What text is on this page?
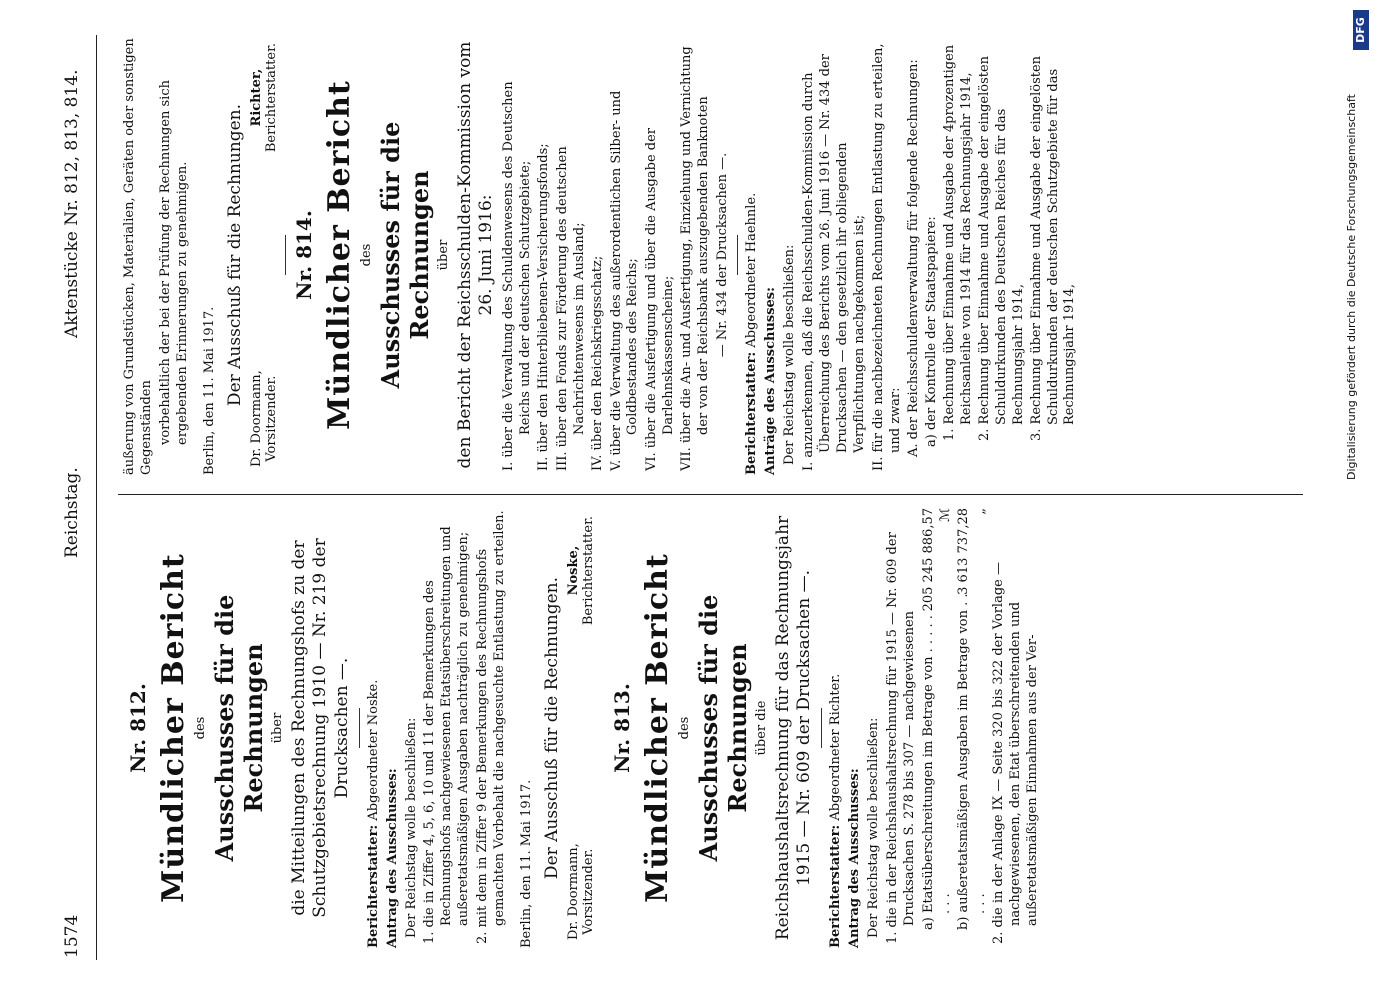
1574
Reichstag.
Aktenstücke Nr. 812, 813, 814.
Nr. 812. Mündlicher Bericht des Ausschusses für die Rechnungen über die Mitteilungen des Rechnungshofs zu der Schutzgebietsrechnung 1910 — Nr. 219 der Drucksachen —.
Berichterstatter: Abgeordneter Noske.
Antrag des Ausschusses: Der Reichstag wolle beschließen: 1. die in Ziffer 4, 5, 6, 10 und 11 der Bemerkungen des Rechnungshofs nachgewiesenen Etatsüberschreitungen und außeretatsmäßigen Ausgaben nachträglich zu genehmigen; 2. mit dem in Ziffer 9 der Bemerkungen des Rechnungshofs gemachten Vorbehalt die nachgesuchte Entlastung zu erteilen. Berlin, den 11. Mai 1917. Der Ausschuß für die Rechnungen.
Dr. Doormann, Vorsitzender.
Noske, Berichterstatter.
Nr. 813. Mündlicher Bericht des Ausschusses für die Rechnungen über die Reichshaushaltsrechnung für das Rechnungsjahr 1915 — Nr. 609 der Drucksachen —.
Berichterstatter: Abgeordneter Richter.
Antrag des Ausschusses: Der Reichstag wolle beschließen: 1. die in der Reichshaushaltsrechnung für 1915 — Nr. 609 der Drucksachen S. 278 bis 307 — nachgewiesenen a) Etatsüberschreitungen im Betrage von . . . . . . . .
205 245 886,57 ℳ
b) außeretatsmäßigen Ausgaben im Betrage von . . . . .
3 613 737,28 „
2. die in der Anlage IX — Seite 320 bis 322 der Vorlage — nachgewiesenen, den Etat überschreitenden und außeretatsmäßigen Einnahmen aus der Ver-
äußerung von Grundstücken, Materialien, Geräten oder sonstigen Gegenständen vorbehaltlich der bei der Prüfung der Rechnungen sich ergebenden Erinnerungen zu genehmigen. Berlin, den 11. Mai 1917. Der Ausschuß für die Rechnungen.
Dr. Doormann, Vorsitzender.
Richter, Berichterstatter.
Nr. 814. Mündlicher Bericht des Ausschusses für die Rechnungen über den Bericht der Reichsschulden-Kommission vom 26. Juni 1916: I. über die Verwaltung des Schuldenwesens des Deutschen Reichs und der deutschen Schutzgebiete; II. über den Hinterbliebenen-Versicherungsfonds; III. über den Fonds zur Förderung des deutschen Nachrichtenwesens im Ausland; IV. über den Reichskriegsschatz; V. über die Verwaltung des außerordentlichen Silber- und Goldbestandes des Reichs; VI. über die Ausfertigung und über die Ausgabe der Darlehnskassenscheine; VII. über die An- und Ausfertigung, Einziehung und Vernichtung der von der Reichsbank auszugebenden Banknoten — Nr. 434 der Drucksachen —.
Berichterstatter: Abgeordneter Haehnle.
Anträge des Ausschusses: Der Reichstag wolle beschließen: I. anzuerkennen, daß die Reichsschulden-Kommission durch Überreichung des Berichts vom 26. Juni 1916 — Nr. 434 der Drucksachen — den gesetzlich ihr obliegenden Verpflichtungen nachgekommen ist; II. für die nachbezeichneten Rechnungen Entlastung zu erteilen, und zwar: A. der Reichsschuldenverwaltung für folgende Rechnungen: a) der Kontrolle der Staatspapiere: 1. Rechnung über Einnahme und Ausgabe der 4prozentigen Reichsanleihe von 1914 für das Rechnungsjahr 1914, 2. Rechnung über Einnahme und Ausgabe der eingelösten Schuldurkunden des Deutschen Reiches für das Rechnungsjahr 1914, 3. Rechnung über Einnahme und Ausgabe der eingelösten Schuldurkunden der deutschen Schutzgebiete für das Rechnungsjahr 1914,	Digitalisierung gefördert durch die Deutsche Forschungsgemeinschaft
DFG
